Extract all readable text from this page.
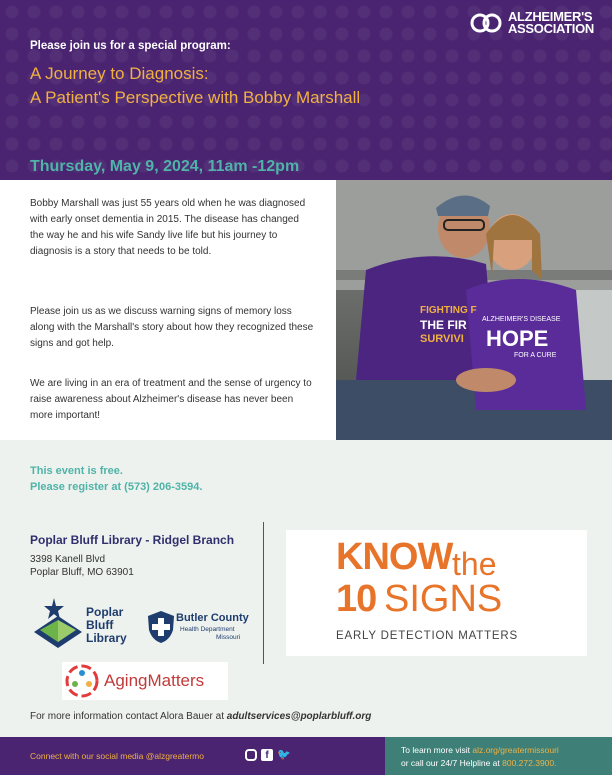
ALZHEIMER'S
ASSOCIATION
Please join us for a special program:
A Journey to Diagnosis:
A Patient's Perspective with Bobby Marshall
Thursday, May 9, 2024, 11am -12pm
Bobby Marshall was just 55 years old when he was diagnosed with early onset dementia in 2015. The disease has changed the way he and his wife Sandy live life but his journey to diagnosis is a story that needs to be told.
Please join us as we discuss warning signs of memory loss along with the Marshall's story about how they recognized these signs and got help.
We are living in an era of treatment and the sense of urgency to raise awareness about Alzheimer's disease has never been more important!
FIGHTING F
THE FIR
SURVIVI
ALZHEIMER'S DISEASE
HOPE
FOR A CURE
This event is free.
Please register at (573) 206-3594.
Poplar Bluff Library - Ridgel Branch
3398 Kanell Blvd
Poplar Bluff, MO 63901
Poplar
Bluff
Library
Butler County
Health Department
Missouri
AgingMatters
KNOW the
10 SIGNS
EARLY DETECTION MATTERS
For more information contact Alora Bauer at adultservices@poplarbluff.org
Connect with our social media @alzgreatermo	f 🐦	To learn more visit alz.org/greatermissouri
or call our 24/7 Helpline at 800.272.3900.
